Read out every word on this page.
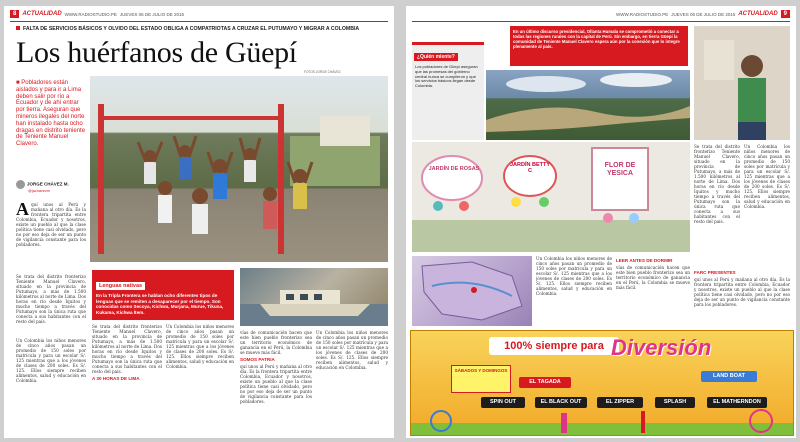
8	ACTUALIDAD WWW.RADIOSTUDIO.PE JUEVES 06 DE JULIO DE 2015
FALTA DE SERVICIOS BÁSICOS Y OLVIDO DEL ESTADO OBLIGA A COMPATRIOTAS A CRUZAR EL PUTUMAYO Y MIGRAR A COLOMBIA
Los huérfanos de Güepí
FOTOS JORGE CHÁVEZ
■ Pobladores están aislados y para ir a Lima deben salir por río a Ecuador y de ahí entrar por tierra. Aseguran que mineros ilegales del norte han instalado hasta ocho dragas en distrito teniente de Teniente Manuel Clavero.
JORGE CHÁVEZ M.
@jachavezm
Aquí unos al Perú y mañana al otro día. Es la frontera tripartita entre Colombia, Ecuador y nosotros, existe un pueblo al que la clase política tiene casi olvidado, pero no por eso deja de ser un punto de vigilancia constante para los pobladores.
Se trata del distrito fronterizo Teniente Manuel Clavero, situado en la provincia de Putumayo, a más de 1.500 kilómetros al norte de Lima. Dos horas en río desde Iquitos y mucho tiempo a través del Putumayo son la única ruta que conecta a sus habitantes con el resto del país.
Un Colombia los niños menores de cinco años pasan un promedio de 150 soles por matrícula y para un escolar S/. 125 mientras que a los jóvenes de clases de 200 soles. Es S/. 125. Ellos siempre reciben alimentos, salud y educación en Colombia.
Lenguas nativas
En la Tripla Frontera se hablan ocho diferentes tipos de lenguas que se remiten a desaparecer por el tiempo. Son conocidas como Secoya, Kichwa, Murjana, Murue, Tikuna, Kukama, Kichwa Ítem.
Se trata del distrito fronterizo Teniente Manuel Clavero, situado en la provincia de Putumayo, a más de 1.500 kilómetros al norte de Lima. Dos horas en río desde Iquitos y mucho tiempo a través del Putumayo son la única ruta que conecta a sus habitantes con el resto del país.
A 30 HORAS DE LIMA
Un Colombia los niños menores de cinco años pasan un promedio de 150 soles por matrícula y para un escolar S/. 125 mientras que a los jóvenes de clases de 200 soles. Es S/. 125. Ellos siempre reciben alimentos, salud y educación en Colombia.
vías de comunicación hacen que este bien pueblo fronterizo sea un territorio económico de ganancia en el Perú, la Colombia se mueve más fácil.
SOMOS PATRIA
quí unos al Perú y mañana al otro día. Es la frontera tripartita entre Colombia, Ecuador y nosotros, existe un pueblo al que la clase política tiene casi olvidado, pero no por eso deja de ser un punto de vigilancia constante para los pobladores.
Un Colombia los niños menores de cinco años pasan un promedio de 150 soles por matrícula y para un escolar S/. 125 mientras que a los jóvenes de clases de 200 soles. Es S/. 125. Ellos siempre reciben alimentos, salud y educación en Colombia.
WWW.RADIOSTUDIO.PE JUEVES 06 DE JULIO DE 2015 ACTUALIDAD	9
En un último discurso presidencial, Ollanta Humala se comprometió a conectar a todas las regiones rurales con la capital de Perú. Sin embargo, en tierra Güepí la comunidad de Teniente Manuel Clavero espera aún por la conexión que lo integre plenamente al país.
¿Quién miente?
Los pobladores de Güepí aseguran que las promesas del gobierno central nunca se cumplieron y que los servicios básicos llegan desde Colombia.
JARDÍN DE ROSAS
JARDÍN BETTY C
FLOR DE YESICA
Se trata del distrito fronterizo Teniente Manuel Clavero, situado en la provincia de Putumayo, a más de 1.500 kilómetros al norte de Lima. Dos horas en río desde Iquitos y mucho tiempo a través del Putumayo son la única ruta que conecta a sus habitantes con el resto del país.
Un Colombia los niños menores de cinco años pasan un promedio de 150 soles por matrícula y para un escolar S/. 125 mientras que a los jóvenes de clases de 200 soles. Es S/. 125. Ellos siempre reciben alimentos, salud y educación en Colombia.
FARC PRESENTES
quí unos al Perú y mañana al otro día. Es la frontera tripartita entre Colombia, Ecuador y nosotros, existe un pueblo al que la clase política tiene casi olvidado, pero no por eso deja de ser un punto de vigilancia constante para los pobladores.
Un Colombia los niños menores de cinco años pasan un promedio de 150 soles por matrícula y para un escolar S/. 125 mientras que a los jóvenes de clases de 200 soles. Es S/. 125. Ellos siempre reciben alimentos, salud y educación en Colombia.
LEER ANTES DE DORMIR
vías de comunicación hacen que este bien pueblo fronterizo sea un territorio económico de ganancia en el Perú, la Colombia se mueve más fácil.
100% siempre para Diversión
SÁBADOS Y DOMINGOS
EL TAGADA
LAND BOAT
SPIN OUT	EL BLACK OUT	EL ZIPPER	SPLASH	EL MATHERNDON
